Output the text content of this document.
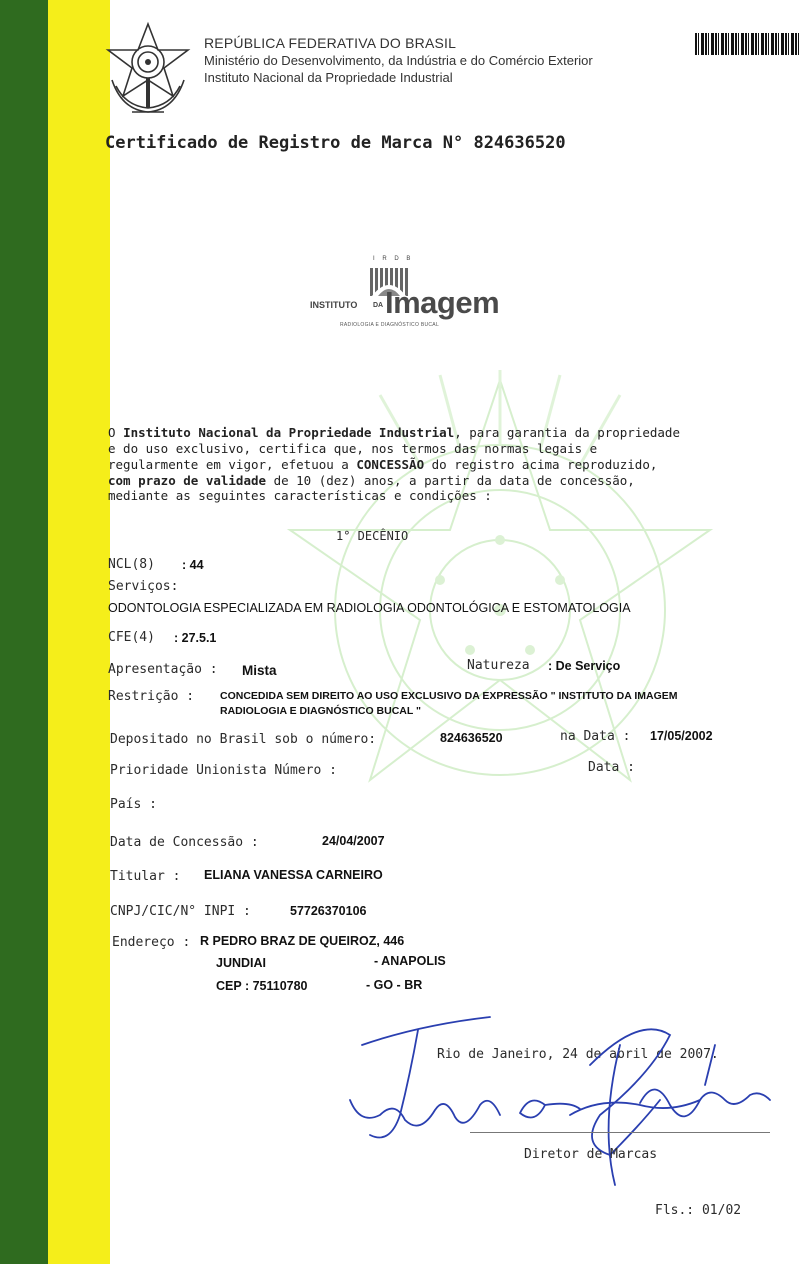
REPÚBLICA FEDERATIVA DO BRASIL
Ministério do Desenvolvimento, da Indústria e do Comércio Exterior
Instituto Nacional da Propriedade Industrial
Certificado de Registro de Marca N° 824636520
I R D B
INSTITUTO DA Imagem
RADIOLOGIA E DIAGNÓSTICO BUCAL
O Instituto Nacional da Propriedade Industrial, para garantia da propriedade
e do uso exclusivo, certifica que, nos termos das normas legais e
regularmente em vigor, efetuou a CONCESSÃO do registro acima reproduzido,
com prazo de validade de 10 (dez) anos, a partir da data de concessão,
mediante as seguintes características e condições :
1° DECÊNIO
NCL(8) : 44
Serviços:
ODONTOLOGIA ESPECIALIZADA EM RADIOLOGIA ODONTOLÓGICA E ESTOMATOLOGIA
CFE(4) : 27.5.1
Apresentação : Mista	Natureza : De Serviço
Restrição : CONCEDIDA SEM DIREITO AO USO EXCLUSIVO DA EXPRESSÃO " INSTITUTO DA IMAGEM
RADIOLOGIA E DIAGNÓSTICO BUCAL "
Depositado no Brasil sob o número:	824636520	na Data : 17/05/2002
Prioridade Unionista Número :	Data :
País :
Data de Concessão :	24/04/2007
Titular : ELIANA VANESSA CARNEIRO
CNPJ/CIC/N° INPI :	57726370106
Endereço : R PEDRO BRAZ DE QUEIROZ, 446
JUNDIAI	- ANAPOLIS
CEP : 75110780	- GO - BR
Rio de Janeiro, 24 de abril de 2007.
Diretor de Marcas
Fls.: 01/02
